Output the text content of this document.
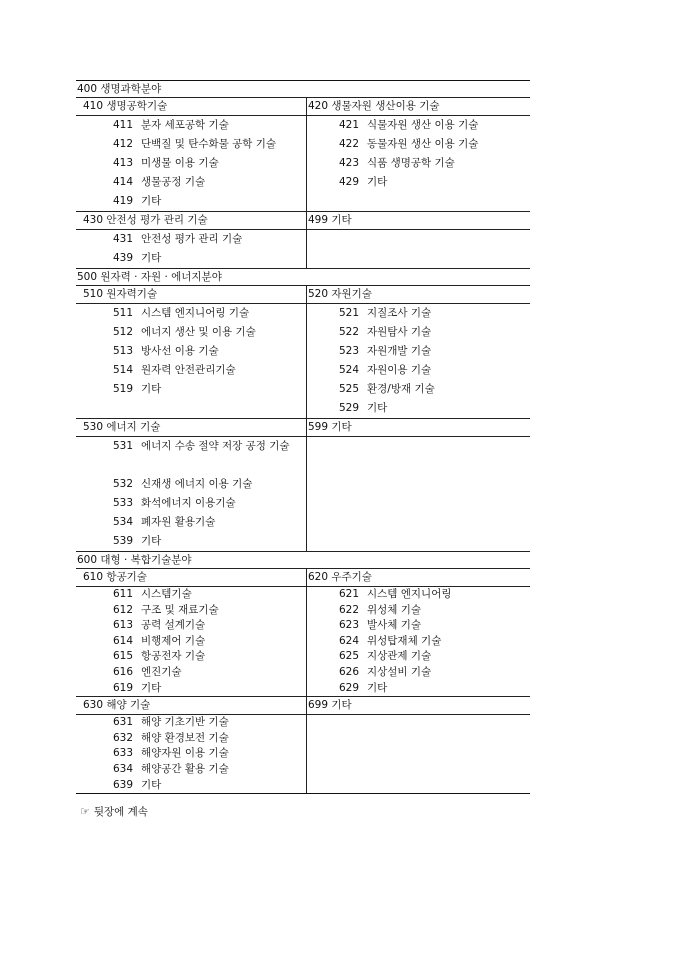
400 생명과학분야
410 생명공학기술
411 분자 세포공학 기술
412 단백질 및 탄수화물 공학 기술
413 미생물 이용 기술
414 생물공정 기술
419 기타
420 생물자원 생산이용 기술
421 식물자원 생산 이용 기술
422 동물자원 생산 이용 기술
423 식품 생명공학 기술
429 기타
430 안전성 평가 관리 기술
431 안전성 평가 관리 기술
439 기타
499 기타
500 원자력 · 자원 · 에너지분야
510 원자력기술
511 시스템 엔지니어링 기술
512 에너지 생산 및 이용 기술
513 방사선 이용 기술
514 원자력 안전관리기술
519 기타
520 자원기술
521 지질조사 기술
522 자원탐사 기술
523 자원개발 기술
524 자원이용 기술
525 환경/방재 기술
529 기타
530 에너지 기술
531 에너지 수송 절약 저장 공정 기술
532 신재생 에너지 이용 기술
533 화석에너지 이용기술
534 폐자원 활용기술
539 기타
599 기타
600 대형 · 복합기술분야
610 항공기술
611 시스템기술
612 구조 및 재료기술
613 공력 설계기술
614 비행제어 기술
615 항공전자 기술
616 엔진기술
619 기타
620 우주기술
621 시스템 엔지니어링
622 위성체 기술
623 발사체 기술
624 위성탑재체 기술
625 지상관제 기술
626 지상설비 기술
629 기타
630 해양 기술
631 해양 기초기반 기술
632 해양 환경보전 기술
633 해양자원 이용 기술
634 해양공간 활용 기술
639 기타
699 기타
☞ 뒷장에 계속
